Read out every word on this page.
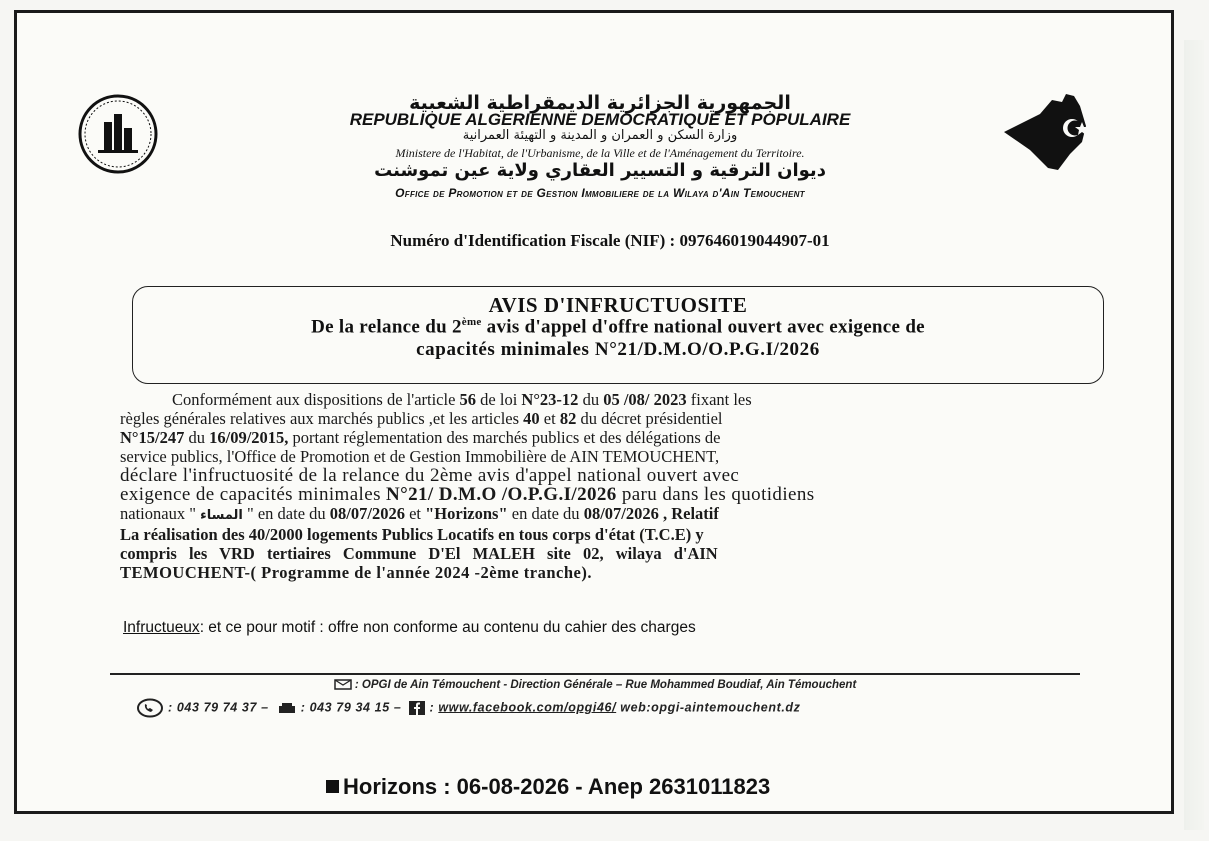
الجمهورية الجزائرية الديمقراطية الشعبية
REPUBLIQUE ALGERIENNE DEMOCRATIQUE ET POPULAIRE
وزارة السكن و العمران و المدينة و التهيئة العمرانية
Ministere de l'Habitat, de l'Urbanisme, de la Ville et de l'Aménagement du Territoire.
ديوان الترقية و التسيير العقاري ولاية عين تموشنت
Office de Promotion et de Gestion Immobiliere de la Wilaya d'Ain Temouchent
Numéro d'Identification Fiscale (NIF) : 097646019044907-01
AVIS D'INFRUCTUOSITE
De la relance du 2ème avis d'appel d'offre national ouvert avec exigence de
capacités minimales N°21/D.M.O/O.P.G.I/2026
Conformément aux dispositions de l'article 56 de loi N°23-12 du 05 /08/ 2023 fixant les
règles générales relatives aux marchés publics ,et les articles 40 et 82 du décret présidentiel
N°15/247 du 16/09/2015, portant réglementation des marchés publics et des délégations de
service publics, l'Office de Promotion et de Gestion Immobilière de AIN TEMOUCHENT,
déclare l'infructuosité de la relance du 2ème avis d'appel national ouvert avec
exigence de capacités minimales N°21/ D.M.O /O.P.G.I/2026 paru dans les quotidiens
nationaux " المساء " en date du 08/07/2026 et "Horizons" en date du 08/07/2026 , Relatif
La réalisation des 40/2000 logements Publics Locatifs en tous corps d'état (T.C.E) y
compris les VRD tertiaires Commune D'El MALEH site 02, wilaya d'AIN
TEMOUCHENT-( Programme de l'année 2024 -2ème tranche).
Infructueux: et ce pour motif : offre non conforme au contenu du cahier des charges
: OPGI de Ain Témouchent - Direction Générale – Rue Mohammed Boudiaf, Ain Témouchent
: 043 79 74 37 –	: 043 79 34 15 – : www.facebook.com/opgi46/ web:opgi-aintemouchent.dz
Horizons : 06-08-2026 - Anep 2631011823
